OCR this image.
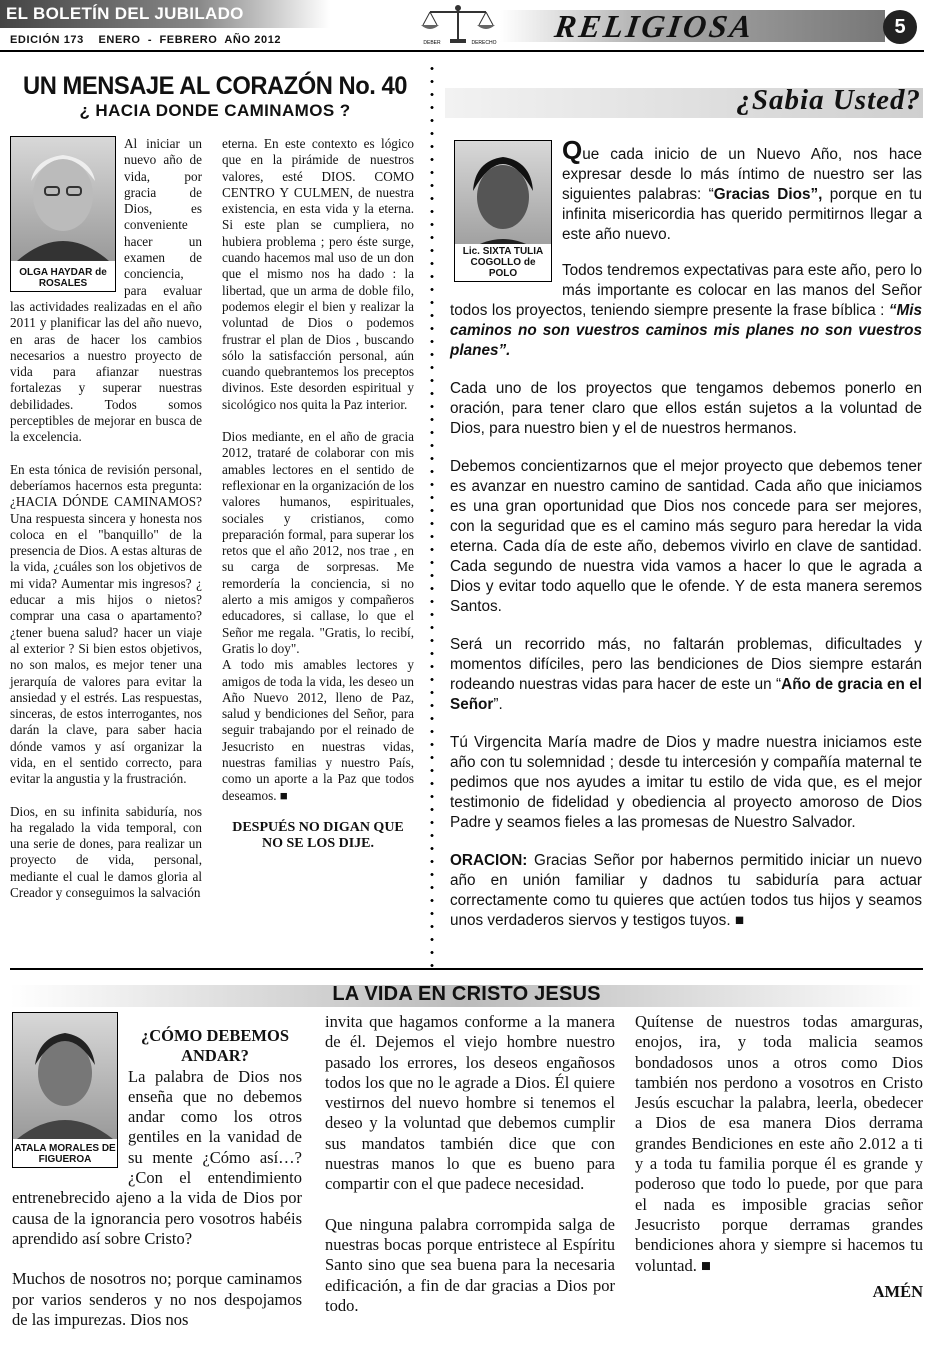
EL BOLETÍN DEL JUBILADO
EDICIÓN 173    ENERO  -  FEBRERO  AÑO 2012	DEBER	DERECHO RELIGIOSA	5
UN MENSAJE AL CORAZÓN No. 40
¿ HACIA DONDE CAMINAMOS ?
OLGA HAYDAR de ROSALES

Al iniciar un nuevo año de vida, por gracia de Dios, es conveniente hacer un examen de conciencia, para evaluar las actividades realizadas en el año 2011 y planificar las del año nuevo, en aras de hacer los cambios necesarios a nuestro proyecto de vida para afianzar nuestras fortalezas y superar nuestras debilidades. Todos somos perceptibles de mejorar en busca de la excelencia.

En esta tónica de revisión personal, deberíamos hacernos esta pregunta: ¿HACIA DÓNDE CAMINAMOS? Una respuesta sincera y honesta nos coloca en el "banquillo" de la presencia de Dios. A estas alturas de la vida, ¿cuáles son los objetivos de mi vida? Aumentar mis ingresos? ¿ educar a mis hijos o nietos? comprar una casa o apartamento? ¿tener buena salud? hacer un viaje al exterior ? Si bien estos objetivos, no son malos, es mejor tener una jerarquía de valores para evitar la ansiedad y el estrés. Las respuestas, sinceras, de estos interrogantes, nos darán la clave, para saber hacia dónde vamos y así organizar la vida, en el sentido correcto, para evitar la angustia y la frustración.

Dios, en su infinita sabiduría, nos ha regalado la vida temporal, con una serie de dones, para realizar un proyecto de vida, personal, mediante el cual le damos gloria al Creador y conseguimos la salvación

eterna. En este contexto es lógico que en la pirámide de nuestros valores, esté DIOS. COMO CENTRO Y CULMEN, de nuestra existencia, en esta vida y la eterna. Si este plan se cumpliera, no hubiera problema ; pero éste surge, cuando hacemos mal uso de un don que el mismo nos ha dado : la libertad, que un arma de doble filo, podemos elegir el bien y realizar la voluntad de Dios o podemos frustrar el plan de Dios , buscando sólo la satisfacción personal, aún cuando quebrantemos los preceptos divinos. Este desorden espiritual y sicológico nos quita la Paz interior.

Dios mediante, en el año de gracia 2012, trataré de colaborar con mis amables lectores en el sentido de reflexionar en la organización de los valores humanos, espirituales, sociales y cristianos, como preparación formal, para superar los retos que el año 2012, nos trae , en su carga de sorpresas. Me remordería la conciencia, si no alerto a mis amigos y compañeros educadores, si callase, lo que el Señor me regala. "Gratis, lo recibí, Gratis lo doy".

A todo mis amables lectores y amigos de toda la vida, les deseo un Año Nuevo 2012, lleno de Paz, salud y bendiciones del Señor, para seguir trabajando por el reinado de Jesucristo en nuestras vidas, nuestras familias y nuestro País, como un aporte a la Paz que todos deseamos. ■

DESPUÉS NO DIGAN QUE NO SE LOS DIJE.

¿Sabia Usted?
Lic. SIXTA TULIA COGOLLO de POLO

Que cada inicio de un Nuevo Año, nos hace expresar desde lo más íntimo de nuestro ser las siguientes palabras: “Gracias Dios”, porque en tu infinita misericordia has querido permitirnos llegar a este año nuevo.

Todos tendremos expectativas para este año, pero lo más importante es colocar en las manos del Señor todos los proyectos, teniendo siempre presente la frase bíblica : “Mis caminos no son vuestros caminos mis planes no son vuestros planes”.

Cada uno de los proyectos que tengamos debemos ponerlo en oración, para tener claro que ellos están sujetos a la voluntad de Dios, para nuestro bien y el de nuestros hermanos.

Debemos concientizarnos que el mejor proyecto que debemos tener es avanzar en nuestro camino de santidad. Cada año que iniciamos es una gran oportunidad que Dios nos concede para ser mejores, con la seguridad que es el camino más seguro para heredar la vida eterna. Cada día de este año, debemos vivirlo en clave de santidad. Cada segundo de nuestra vida vamos a hacer lo que le agrada a Dios y evitar todo aquello que le ofende. Y de esta manera seremos Santos.

Será un recorrido más, no faltarán problemas, dificultades y momentos difíciles, pero las bendiciones de Dios siempre estarán rodeando nuestras vidas para hacer de este un “Año de gracia en el Señor”.

Tú Virgencita María madre de Dios y madre nuestra iniciamos este año con tu solemnidad ; desde tu intercesión y compañía maternal te pedimos que nos ayudes a imitar tu estilo de vida que, es el mejor testimonio de fidelidad y obediencia al proyecto amoroso de Dios Padre y seamos fieles a las promesas de Nuestro Salvador.

ORACION: Gracias Señor por habernos permitido iniciar un nuevo año en unión familiar y dadnos tu sabiduría para actuar correctamente como tu quieres que actúen todos tus hijos y seamos unos verdaderos siervos y testigos tuyos. ■

LA VIDA EN CRISTO JESUS
ATALA MORALES DE FIGUEROA

¿CÓMO DEBEMOS ANDAR?

La palabra de Dios nos enseña que no debemos andar como los otros gentiles en la vanidad de su mente ¿Cómo así…? ¿Con el entendimiento entrenebrecido ajeno a la vida de Dios por causa de la ignorancia pero vosotros habéis aprendido así sobre Cristo?

Muchos de nosotros no; porque caminamos por varios senderos y no nos despojamos de las impurezas. Dios nos

invita que hagamos conforme a la manera de él. Dejemos el viejo hombre nuestro pasado los errores, los deseos engañosos todos los que no le agrade a Dios. Él quiere vestirnos del nuevo hombre si tenemos el deseo y la voluntad que debemos cumplir sus mandatos también dice que con nuestras manos lo que es bueno para compartir con el que padece necesidad.

Que ninguna palabra corrompida salga de nuestras bocas porque entristece al Espíritu Santo sino que sea buena para la necesaria edificación, a fin de dar gracias a Dios por todo.

Quítense de nuestros todas amarguras, enojos, ira, y toda malicia seamos bondadosos unos a otros como Dios también nos perdono a vosotros en Cristo Jesús escuchar la palabra, leerla, obedecer a Dios de esa manera Dios derrama grandes Bendiciones en este año 2.012 a ti y a toda tu familia porque él es grande y poderoso que todo lo puede, por que para el nada es imposible gracias señor Jesucristo porque derramas grandes bendiciones ahora y siempre si hacemos tu voluntad. ■

AMÉN
